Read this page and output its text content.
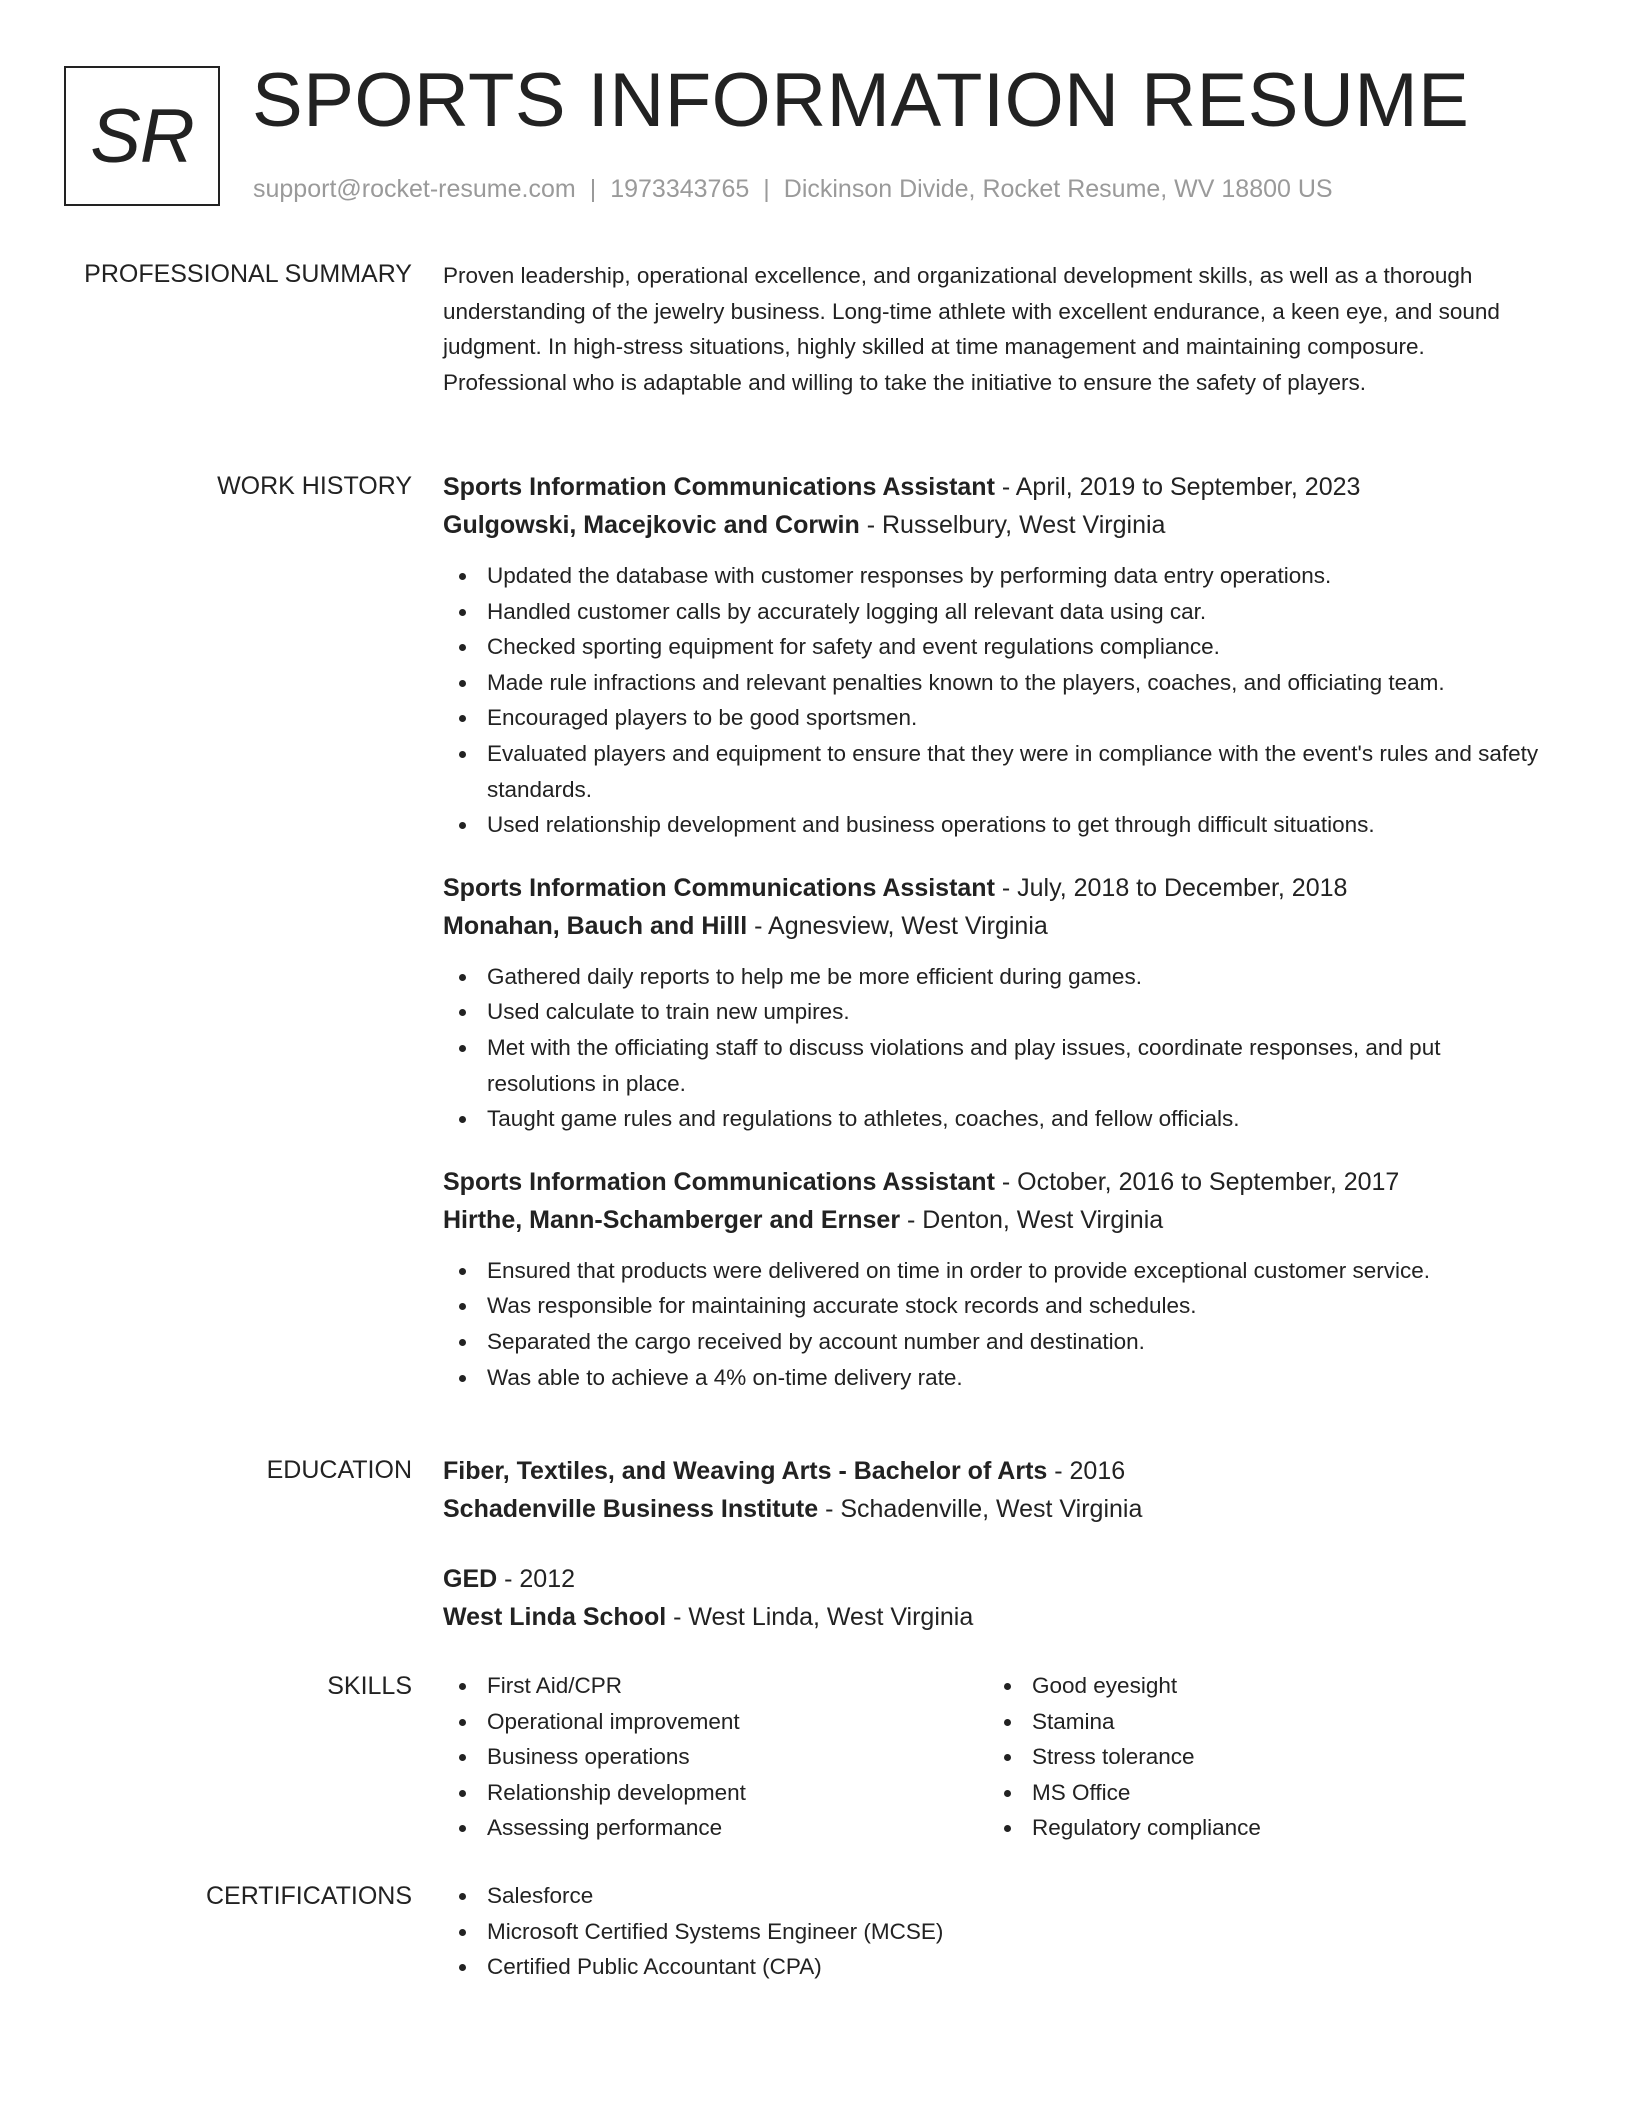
SR SPORTS INFORMATION RESUME
support@rocket-resume.com | 1973343765 | Dickinson Divide, Rocket Resume, WV 18800 US
PROFESSIONAL SUMMARY Proven leadership, operational excellence, and organizational development skills, as well as a thorough understanding of the jewelry business. Long-time athlete with excellent endurance, a keen eye, and sound judgment. In high-stress situations, highly skilled at time management and maintaining composure. Professional who is adaptable and willing to take the initiative to ensure the safety of players.

WORK HISTORY Sports Information Communications Assistant - April, 2019 to September, 2023
Gulgowski, Macejkovic and Corwin - Russelbury, West Virginia
Updated the database with customer responses by performing data entry operations.
Handled customer calls by accurately logging all relevant data using car.
Checked sporting equipment for safety and event regulations compliance.
Made rule infractions and relevant penalties known to the players, coaches, and officiating team.
Encouraged players to be good sportsmen.
Evaluated players and equipment to ensure that they were in compliance with the event's rules and safety standards.
Used relationship development and business operations to get through difficult situations.
Sports Information Communications Assistant - July, 2018 to December, 2018
Monahan, Bauch and Hilll - Agnesview, West Virginia
Gathered daily reports to help me be more efficient during games.
Used calculate to train new umpires.
Met with the officiating staff to discuss violations and play issues, coordinate responses, and put resolutions in place.
Taught game rules and regulations to athletes, coaches, and fellow officials.
Sports Information Communications Assistant - October, 2016 to September, 2017
Hirthe, Mann-Schamberger and Ernser - Denton, West Virginia
Ensured that products were delivered on time in order to provide exceptional customer service.
Was responsible for maintaining accurate stock records and schedules.
Separated the cargo received by account number and destination.
Was able to achieve a 4% on-time delivery rate.
EDUCATION Fiber, Textiles, and Weaving Arts - Bachelor of Arts - 2016
Schadenville Business Institute - Schadenville, West Virginia
GED - 2012
West Linda School - West Linda, West Virginia
SKILLS	First Aid/CPR
Operational improvement
Business operations
Relationship development
Assessing performance
Good eyesight
Stamina
Stress tolerance
MS Office
Regulatory compliance
CERTIFICATIONS	Salesforce
Microsoft Certified Systems Engineer (MCSE)
Certified Public Accountant (CPA)
